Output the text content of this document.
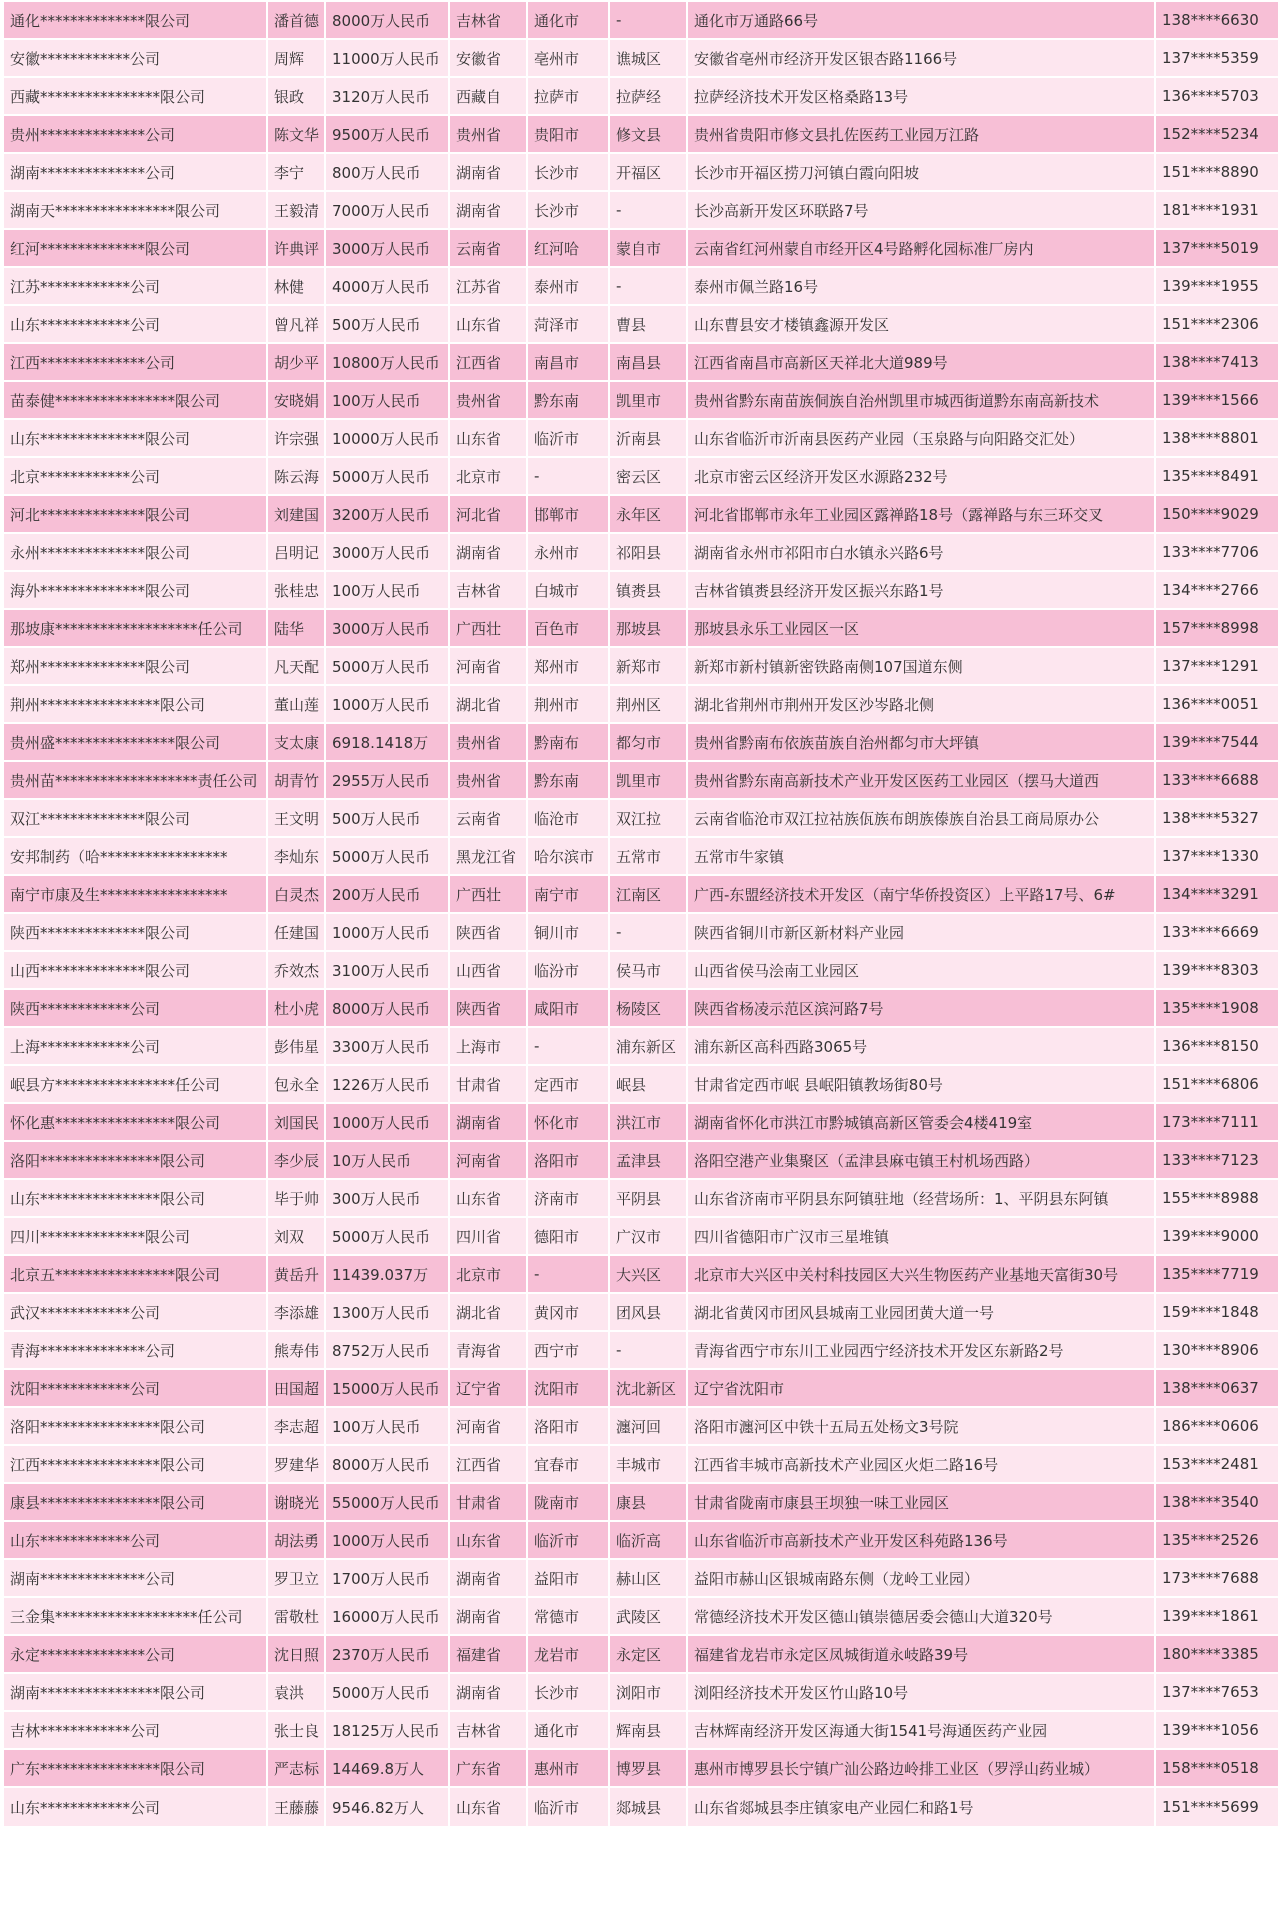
通化**************限公司	潘首德	8000万人民币	吉林省	通化市	-	通化市万通路66号	138****6630
安徽************公司	周辉	11000万人民币	安徽省	亳州市	谯城区	安徽省亳州市经济开发区银杏路1166号	137****5359
西藏****************限公司	银政	3120万人民币	西藏自	拉萨市	拉萨经	拉萨经济技术开发区格桑路13号	136****5703
贵州**************公司	陈文华	9500万人民币	贵州省	贵阳市	修文县	贵州省贵阳市修文县扎佐医药工业园万江路	152****5234
湖南**************公司	李宁	800万人民币	湖南省	长沙市	开福区	长沙市开福区捞刀河镇白霞向阳坡	151****8890
湖南天****************限公司	王毅清	7000万人民币	湖南省	长沙市	-	长沙高新开发区环联路7号	181****1931
红河**************限公司	许典评	3000万人民币	云南省	红河哈	蒙自市	云南省红河州蒙自市经开区4号路孵化园标准厂房内	137****5019
江苏************公司	林健	4000万人民币	江苏省	泰州市	-	泰州市佩兰路16号	139****1955
山东************公司	曾凡祥	500万人民币	山东省	菏泽市	曹县	山东曹县安才楼镇鑫源开发区	151****2306
江西**************公司	胡少平	10800万人民币	江西省	南昌市	南昌县	江西省南昌市高新区天祥北大道989号	138****7413
苗泰健****************限公司	安晓娟	100万人民币	贵州省	黔东南	凯里市	贵州省黔东南苗族侗族自治州凯里市城西街道黔东南高新技术	139****1566
山东**************限公司	许宗强	10000万人民币	山东省	临沂市	沂南县	山东省临沂市沂南县医药产业园（玉泉路与向阳路交汇处）	138****8801
北京************公司	陈云海	5000万人民币	北京市	-	密云区	北京市密云区经济开发区水源路232号	135****8491
河北**************限公司	刘建国	3200万人民币	河北省	邯郸市	永年区	河北省邯郸市永年工业园区露禅路18号（露禅路与东三环交叉	150****9029
永州**************限公司	吕明记	3000万人民币	湖南省	永州市	祁阳县	湖南省永州市祁阳市白水镇永兴路6号	133****7706
海外**************限公司	张桂忠	100万人民币	吉林省	白城市	镇赉县	吉林省镇赉县经济开发区振兴东路1号	134****2766
那坡康*******************任公司	陆华	3000万人民币	广西壮	百色市	那坡县	那坡县永乐工业园区一区	157****8998
郑州**************限公司	凡天配	5000万人民币	河南省	郑州市	新郑市	新郑市新村镇新密铁路南侧107国道东侧	137****1291
荆州****************限公司	董山莲	1000万人民币	湖北省	荆州市	荆州区	湖北省荆州市荆州开发区沙岑路北侧	136****0051
贵州盛****************限公司	支太康	6918.1418万	贵州省	黔南布	都匀市	贵州省黔南布依族苗族自治州都匀市大坪镇	139****7544
贵州苗*******************责任公司	胡青竹	2955万人民币	贵州省	黔东南	凯里市	贵州省黔东南高新技术产业开发区医药工业园区（摆马大道西	133****6688
双江**************限公司	王文明	500万人民币	云南省	临沧市	双江拉	云南省临沧市双江拉祜族佤族布朗族傣族自治县工商局原办公	138****5327
安邦制药（哈*****************	李灿东	5000万人民币	黑龙江省	哈尔滨市	五常市	五常市牛家镇	137****1330
南宁市康及生*****************	白灵杰	200万人民币	广西壮	南宁市	江南区	广西-东盟经济技术开发区（南宁华侨投资区）上平路17号、6#	134****3291
陕西**************限公司	任建国	1000万人民币	陕西省	铜川市	-	陕西省铜川市新区新材料产业园	133****6669
山西**************限公司	乔效杰	3100万人民币	山西省	临汾市	侯马市	山西省侯马浍南工业园区	139****8303
陕西************公司	杜小虎	8000万人民币	陕西省	咸阳市	杨陵区	陕西省杨凌示范区滨河路7号	135****1908
上海************公司	彭伟星	3300万人民币	上海市	-	浦东新区	浦东新区高科西路3065号	136****8150
岷县方****************任公司	包永全	1226万人民币	甘肃省	定西市	岷县	甘肃省定西市岷 县岷阳镇教场街80号	151****6806
怀化惠****************限公司	刘国民	1000万人民币	湖南省	怀化市	洪江市	湖南省怀化市洪江市黔城镇高新区管委会4楼419室	173****7111
洛阳****************限公司	李少辰	10万人民币	河南省	洛阳市	孟津县	洛阳空港产业集聚区（孟津县麻屯镇王村机场西路）	133****7123
山东****************限公司	毕于帅	300万人民币	山东省	济南市	平阴县	山东省济南市平阴县东阿镇驻地（经营场所：1、平阴县东阿镇	155****8988
四川**************限公司	刘双	5000万人民币	四川省	德阳市	广汉市	四川省德阳市广汉市三星堆镇	139****9000
北京五****************限公司	黄岳升	11439.037万	北京市	-	大兴区	北京市大兴区中关村科技园区大兴生物医药产业基地天富街30号	135****7719
武汉************公司	李添雄	1300万人民币	湖北省	黄冈市	团风县	湖北省黄冈市团风县城南工业园团黄大道一号	159****1848
青海**************公司	熊寿伟	8752万人民币	青海省	西宁市	-	青海省西宁市东川工业园西宁经济技术开发区东新路2号	130****8906
沈阳************公司	田国超	15000万人民币	辽宁省	沈阳市	沈北新区	辽宁省沈阳市	138****0637
洛阳****************限公司	李志超	100万人民币	河南省	洛阳市	瀍河回	洛阳市瀍河区中铁十五局五处杨文3号院	186****0606
江西****************限公司	罗建华	8000万人民币	江西省	宜春市	丰城市	江西省丰城市高新技术产业园区火炬二路16号	153****2481
康县****************限公司	谢晓光	55000万人民币	甘肃省	陇南市	康县	甘肃省陇南市康县王坝独一味工业园区	138****3540
山东************公司	胡法勇	1000万人民币	山东省	临沂市	临沂高	山东省临沂市高新技术产业开发区科苑路136号	135****2526
湖南**************公司	罗卫立	1700万人民币	湖南省	益阳市	赫山区	益阳市赫山区银城南路东侧（龙岭工业园）	173****7688
三金集*******************任公司	雷敬杜	16000万人民币	湖南省	常德市	武陵区	常德经济技术开发区德山镇崇德居委会德山大道320号	139****1861
永定**************公司	沈日照	2370万人民币	福建省	龙岩市	永定区	福建省龙岩市永定区凤城街道永岐路39号	180****3385
湖南****************限公司	袁洪	5000万人民币	湖南省	长沙市	浏阳市	浏阳经济技术开发区竹山路10号	137****7653
吉林************公司	张士良	18125万人民币	吉林省	通化市	辉南县	吉林辉南经济开发区海通大街1541号海通医药产业园	139****1056
广东****************限公司	严志标	14469.8万人	广东省	惠州市	博罗县	惠州市博罗县长宁镇广汕公路边岭排工业区（罗浮山药业城）	158****0518
山东************公司	王藤藤	9546.82万人	山东省	临沂市	郯城县	山东省郯城县李庄镇家电产业园仁和路1号	151****5699
